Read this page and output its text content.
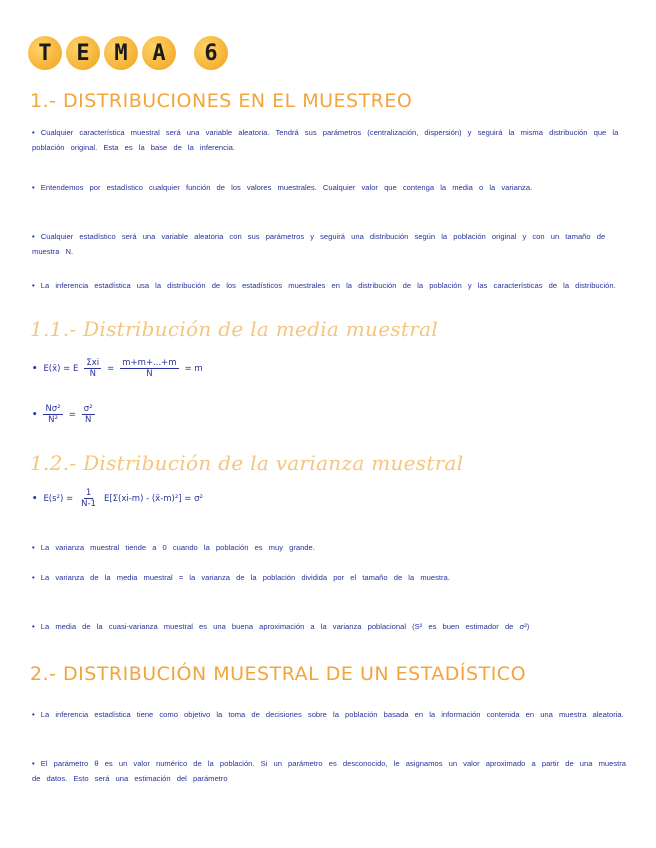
T	E	M	A	6
1.- DISTRIBUCIONES EN EL MUESTREO
• Cualquier característica muestral será una variable aleatoria. Tendrá sus parámetros (centralización, dispersión) y seguirá la misma distribución que la población original. Esta es la base de la inferencia.
• Entendemos por estadístico cualquier función de los valores muestrales. Cualquier valor que contenga la media o la varianza.
• Cualquier estadístico será una variable aleatoria con sus parámetros y seguirá una distribución según la población original y con un tamaño de muestra N.
• La inferencia estadística usa la distribución de los estadísticos muestrales en la distribución de la población y las características de la distribución.
1.1.- Distribución de la media muestral
• E(x̄) = E $\frac{\text{Σxi}}{N} = \frac{m+m+...+m}{N} = m$
• $\frac{\text{Nσ²}}{\text{N²}} = \frac{\text{σ²}}{N}$
1.2.- Distribución de la varianza muestral
• $E(s^2) = \frac{1}{N-1} E[\Sigma(xi-m)$ - (x̄-m)²] = σ²
• La varianza muestral tiende a 0 cuando la población es muy grande.
• La varianza de la media muestral = la varianza de la población dividida por el tamaño de la muestra.
• La media de la cuasi-varianza muestral es una buena aproximación a la varianza poblacional (S² es buen estimador de σ²)
2.- DISTRIBUCIÓN MUESTRAL DE UN ESTADÍSTICO
• La inferencia estadística tiene como objetivo la toma de decisiones sobre la población basada en la información contenida en una muestra aleatoria.
• El parámetro θ es un valor numérico de la población. Si un parámetro es desconocido, le asignamos un valor aproximado a partir de una muestra de datos. Esto será una estimación del parámetro
